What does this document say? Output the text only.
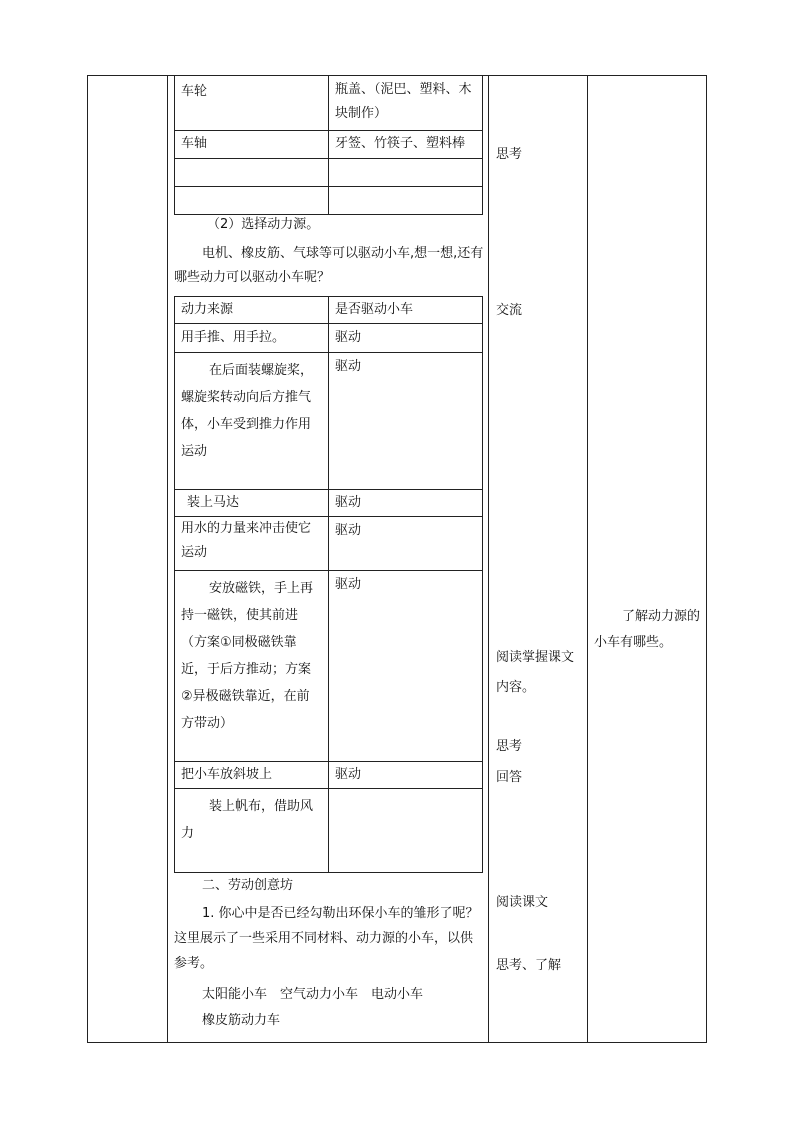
车轮	瓶盖、（泥巴、塑料、木块制作）
车轴	牙签、竹筷子、塑料棒

（2）选择动力源。
电机、橡皮筋、气球等可以驱动小车,想一想,还有哪些动力可以驱动小车呢？
动力来源	是否驱动小车
用手推、用手拉。	驱动
在后面装螺旋桨，螺旋桨转动向后方推气体，小车受到推力作用运动	驱动
装上马达	驱动
用水的力量来冲击使它运动	驱动
安放磁铁，手上再持一磁铁，使其前进（方案①同极磁铁靠近，于后方推动；方案②异极磁铁靠近，在前方带动）	驱动
把小车放斜坡上	驱动
装上帆布，借助风力	
二、劳动创意坊
1. 你心中是否已经勾勒出环保小车的雏形了呢？这里展示了一些采用不同材料、动力源的小车，以供参考。
太阳能小车　空气动力小车　电动小车
橡皮筋动力车
思考
交流
阅读掌握课文内容。
思考
回答
阅读课文
思考、了解
了解动力源的小车有哪些。
